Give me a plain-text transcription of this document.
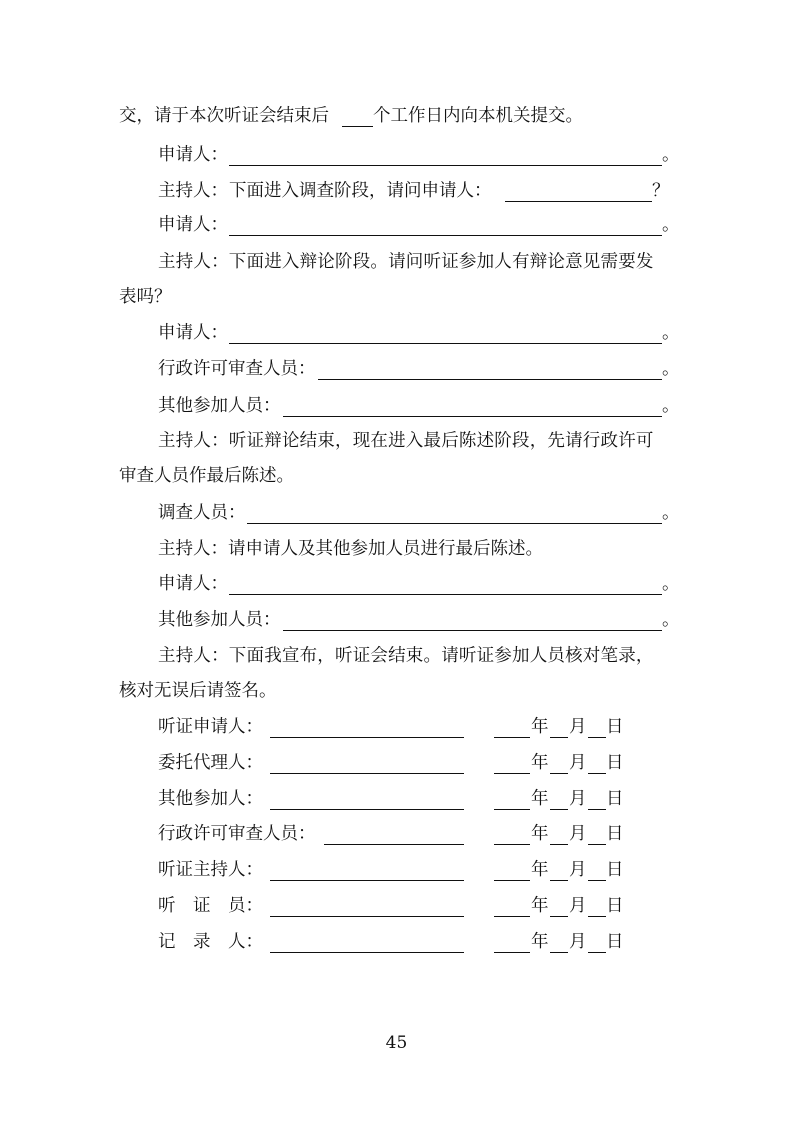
交，请于本次听证会结束后	个工作日内向本机关提交。
申请人：	。
主持人： 下面进入调查阶段，请问申请人：	？
申请人：	。
主持人：下面进入辩论阶段。请问听证参加人有辩论意见需要发
表吗？
申请人：	。
行政许可审查人员：	。
其他参加人员：	。
主持人：听证辩论结束，现在进入最后陈述阶段，先请行政许可
审查人员作最后陈述。
调查人员：	。
主持人：请申请人及其他参加人员进行最后陈述。
申请人：	。
其他参加人员：	。
主持人：下面我宣布，听证会结束。请听证参加人员核对笔录，
核对无误后请签名。
听证申请人：	年 月 日
委托代理人：	年 月 日
其他参加人：	年 月 日
行政许可审查人员：	年 月 日
听证主持人：	年 月 日
听　证　员：	年 月 日
记　录　人：	年 月 日
45
